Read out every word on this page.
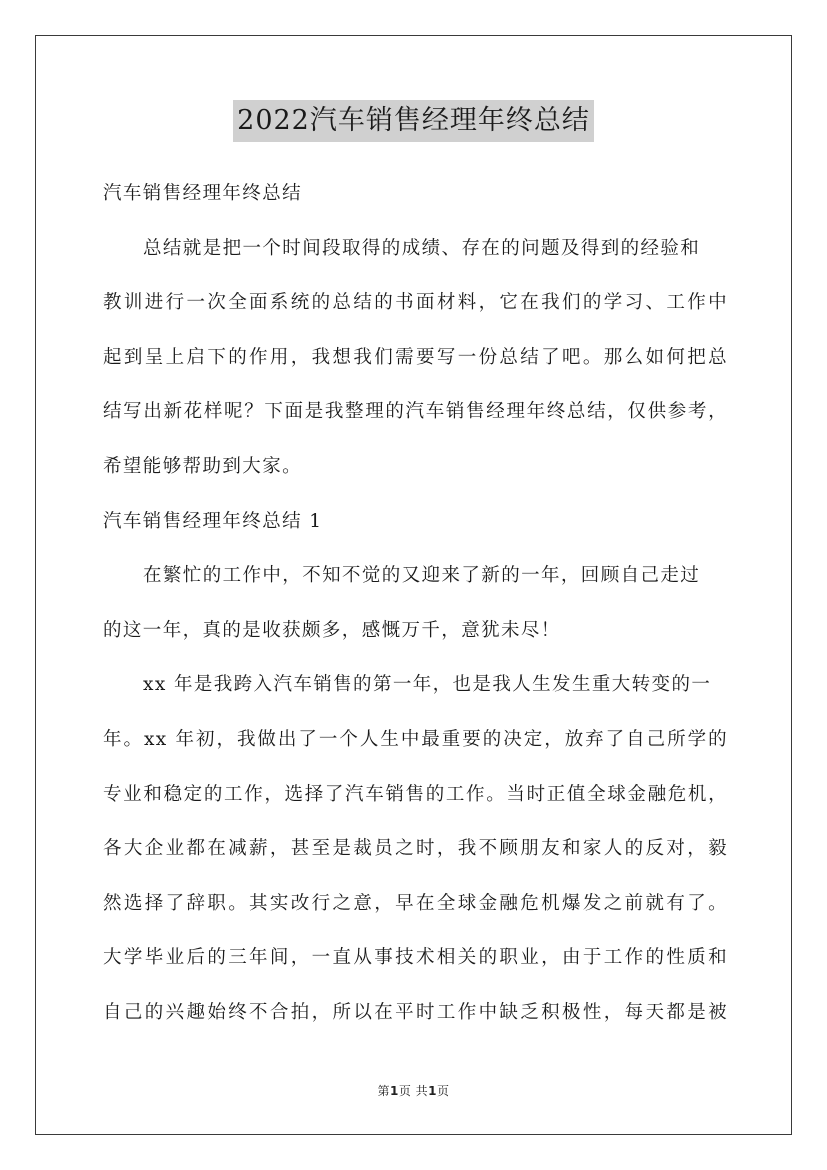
2022汽车销售经理年终总结
汽车销售经理年终总结
总结就是把一个时间段取得的成绩、存在的问题及得到的经验和
教训进行一次全面系统的总结的书面材料，它在我们的学习、工作中
起到呈上启下的作用，我想我们需要写一份总结了吧。那么如何把总
结写出新花样呢？下面是我整理的汽车销售经理年终总结，仅供参考，
希望能够帮助到大家。
汽车销售经理年终总结 1
在繁忙的工作中，不知不觉的又迎来了新的一年，回顾自己走过
的这一年，真的是收获颇多，感慨万千，意犹未尽！
xx 年是我跨入汽车销售的第一年，也是我人生发生重大转变的一
年。xx 年初，我做出了一个人生中最重要的决定，放弃了自己所学的
专业和稳定的工作，选择了汽车销售的工作。当时正值全球金融危机，
各大企业都在减薪，甚至是裁员之时，我不顾朋友和家人的反对，毅
然选择了辞职。其实改行之意，早在全球金融危机爆发之前就有了。
大学毕业后的三年间，一直从事技术相关的职业，由于工作的性质和
自己的兴趣始终不合拍，所以在平时工作中缺乏积极性，每天都是被
第1页 共1页
